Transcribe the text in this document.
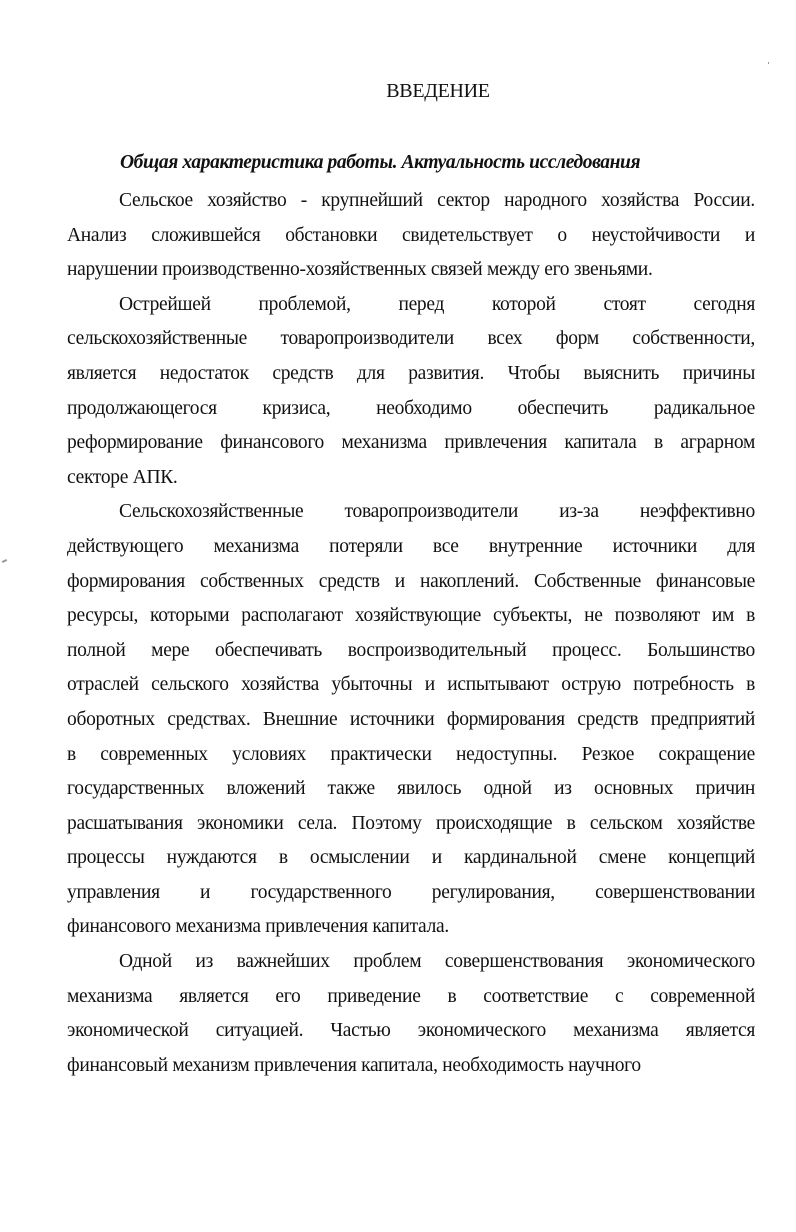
ВВЕДЕНИЕ
Общая характеристика работы. Актуальность исследования
Сельское хозяйство - крупнейший сектор народного хозяйства России.
Анализ сложившейся обстановки свидетельствует о неустойчивости и
нарушении производственно-хозяйственных связей между его звеньями.
Острейшей проблемой, перед которой стоят сегодня
сельскохозяйственные товаропроизводители всех форм собственности,
является недостаток средств для развития. Чтобы выяснить причины
продолжающегося кризиса, необходимо обеспечить радикальное
реформирование финансового механизма привлечения капитала в аграрном
секторе АПК.
Сельскохозяйственные товаропроизводители из-за неэффективно
действующего механизма потеряли все внутренние источники для
формирования собственных средств и накоплений. Собственные финансовые
ресурсы, которыми располагают хозяйствующие субъекты, не позволяют им в
полной мере обеспечивать воспроизводительный процесс. Большинство
отраслей сельского хозяйства убыточны и испытывают острую потребность в
оборотных средствах. Внешние источники формирования средств предприятий
в современных условиях практически недоступны. Резкое сокращение
государственных вложений также явилось одной из основных причин
расшатывания экономики села. Поэтому происходящие в сельском хозяйстве
процессы нуждаются в осмыслении и кардинальной смене концепций
управления и государственного регулирования, совершенствовании
финансового механизма привлечения капитала.
Одной из важнейших проблем совершенствования экономического
механизма является его приведение в соответствие с современной
экономической ситуацией. Частью экономического механизма является
финансовый механизм привлечения капитала, необходимость научного
